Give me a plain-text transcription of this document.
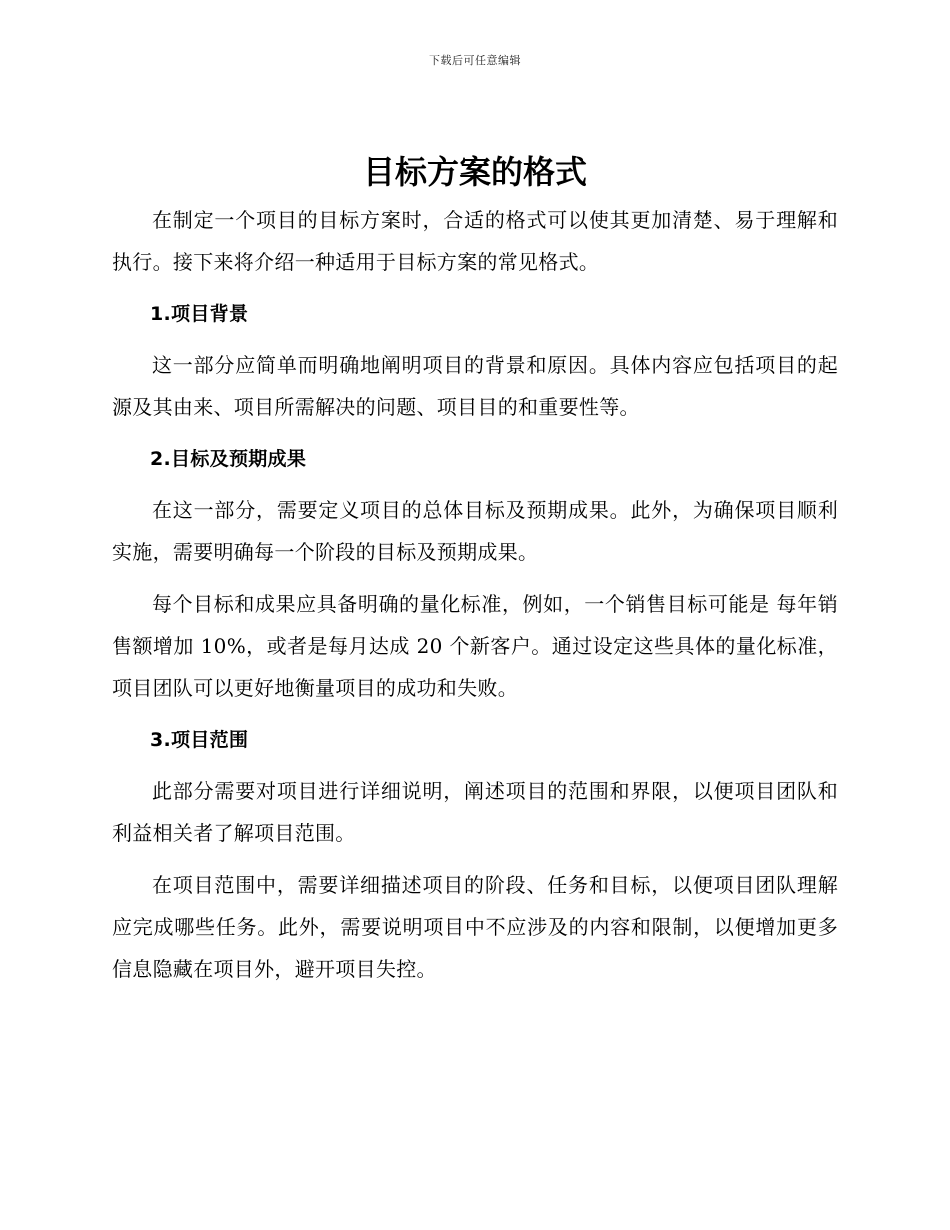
下载后可任意编辑
目标方案的格式

在制定一个项目的目标方案时，合适的格式可以使其更加清楚、易于理解和执行。接下来将介绍一种适用于目标方案的常见格式。

1.项目背景

这一部分应简单而明确地阐明项目的背景和原因。具体内容应包括项目的起源及其由来、项目所需解决的问题、项目目的和重要性等。

2.目标及预期成果

在这一部分，需要定义项目的总体目标及预期成果。此外，为确保项目顺利实施，需要明确每一个阶段的目标及预期成果。

每个目标和成果应具备明确的量化标准，例如，一个销售目标可能是 每年销售额增加 10%，或者是每月达成 20 个新客户。通过设定这些具体的量化标准，项目团队可以更好地衡量项目的成功和失败。

3.项目范围

此部分需要对项目进行详细说明，阐述项目的范围和界限，以便项目团队和利益相关者了解项目范围。

在项目范围中，需要详细描述项目的阶段、任务和目标，以便项目团队理解应完成哪些任务。此外，需要说明项目中不应涉及的内容和限制，以便增加更多信息隐藏在项目外，避开项目失控。
